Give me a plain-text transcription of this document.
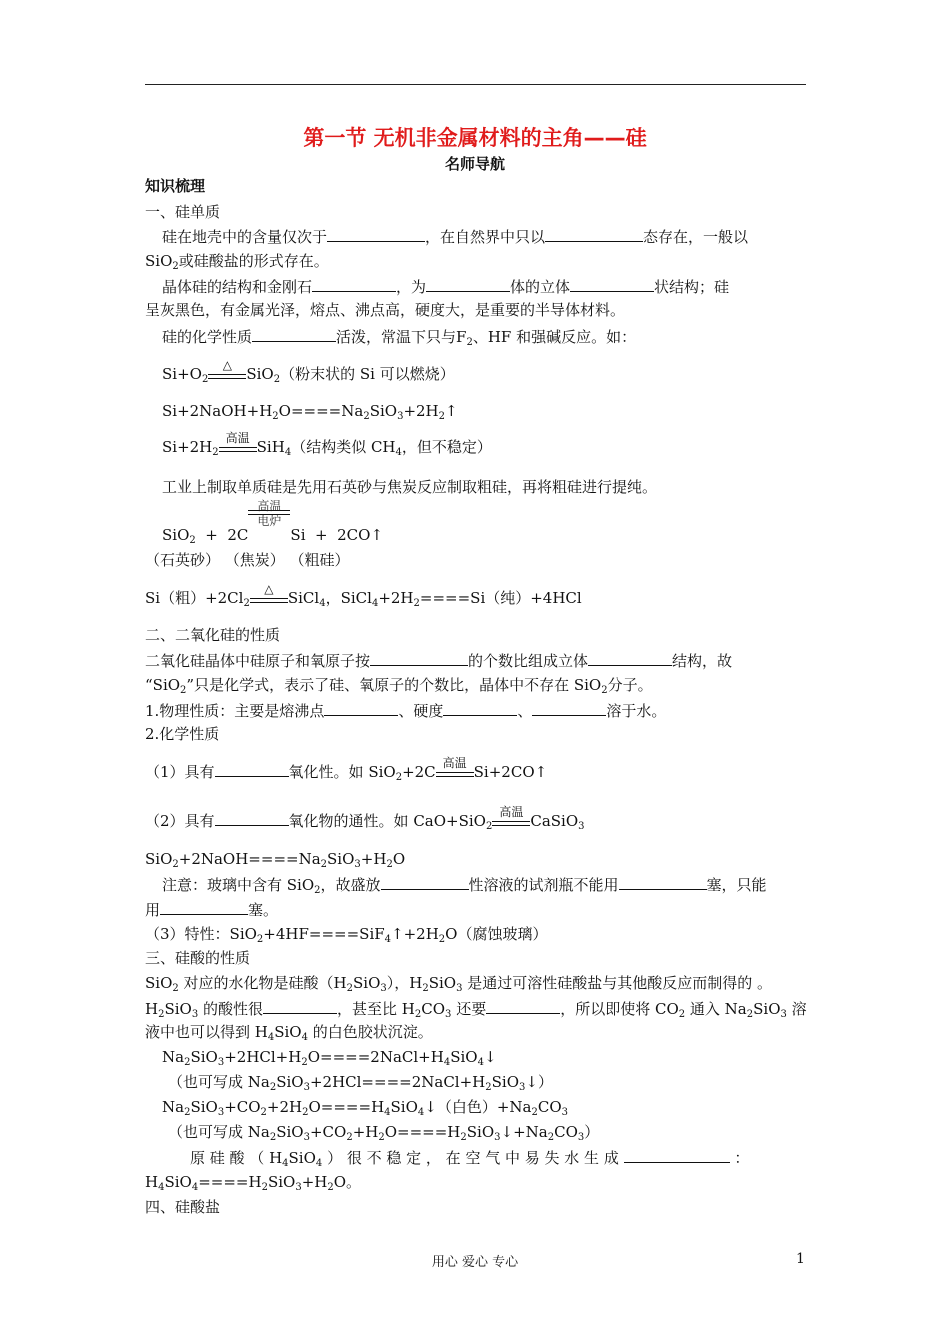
第一节 无机非金属材料的主角——硅
名师导航
知识梳理
一、硅单质
硅在地壳中的含量仅次于	，在自然界中只以	态存在，一般以
SiO$_2$或硅酸盐的形式存在。
晶体硅的结构和金刚石	，为	体的立体	状结构；硅
呈灰黑色，有金属光泽，熔点、沸点高，硬度大，是重要的半导体材料。
硅的化学性质	活泼，常温下只与$F_2$、HF 和强碱反应。如：
$Si+O_2$
△ SiO$_2$（粉末状的 Si 可以燃烧）
$Si+2NaOH+H_2O====Na_2SiO_3+2H_2↑$
$Si+2H_2$
高温 SiH$_4$（结构类似 $CH_4$，但不稳定）
工业上制取单质硅是先用石英砂与焦炭反应制取粗硅，再将粗硅进行提纯。
SiO$_2$  +  2C
高温
电炉
Si  +  2CO↑
（石英砂） （焦炭） （粗硅）
Si（粗）$+2Cl_2$
△ SiCl$_4$，$SiCl_4+2H_2====Si$（纯）+4HCl
二、二氧化硅的性质
二氧化硅晶体中硅原子和氧原子按	的个数比组成立体	结构，故
“SiO$_2$”只是化学式，表示了硅、氧原子的个数比，晶体中不存在 SiO$_2$分子。
1.物理性质：主要是熔沸点	、硬度	、	溶于水。
2.化学性质
（1）具有	氧化性。如 SiO$_2$+2C 高温 Si+2CO↑
（2）具有	氧化物的通性。如 CaO+SiO$_2$
高温 CaSiO$_3$
$SiO_2+2NaOH====Na_2SiO_3+H_2O$
注意：玻璃中含有 SiO$_2$，故盛放	性溶液的试剂瓶不能用	塞，只能
用	塞。
（3）特性：$SiO_2+4HF====SiF_4↑+2H_2O$（腐蚀玻璃）
三、硅酸的性质
SiO$_2$ 对应的水化物是硅酸$(H_2SiO_3)$，$H_2SiO_3$ 是通过可溶性硅酸盐与其他酸反应而制得的 。
$H_2SiO_3$ 的酸性很	，甚至比 $H_2CO_3$ 还要	，所以即使将 $CO_2$ 通入 $Na_2SiO_3$ 溶
液中也可以得到 $H_4SiO_4$ 的白色胶状沉淀。
$Na_2SiO_3+2HCl+H_2O====2NaCl+H_4SiO_4↓$
（也可写成 $Na_2SiO_3+2HCl====2NaCl+H_2SiO_3↓$）
$Na_2SiO_3+CO_2+2H_2O====H_4SiO_4↓$（白色）$+Na_2CO_3$
（也可写成 $Na_2SiO_3+CO_2+H_2O====H_2SiO_3↓+Na_2CO_3$）
原 硅 酸 （ $H_4SiO_4$ ） 很 不 稳 定 ， 在 空 气 中 易 失 水 生 成	：
$H_4SiO_4====H_2SiO_3+H_2O$。
四、硅酸盐
用心 爱心 专心	1
